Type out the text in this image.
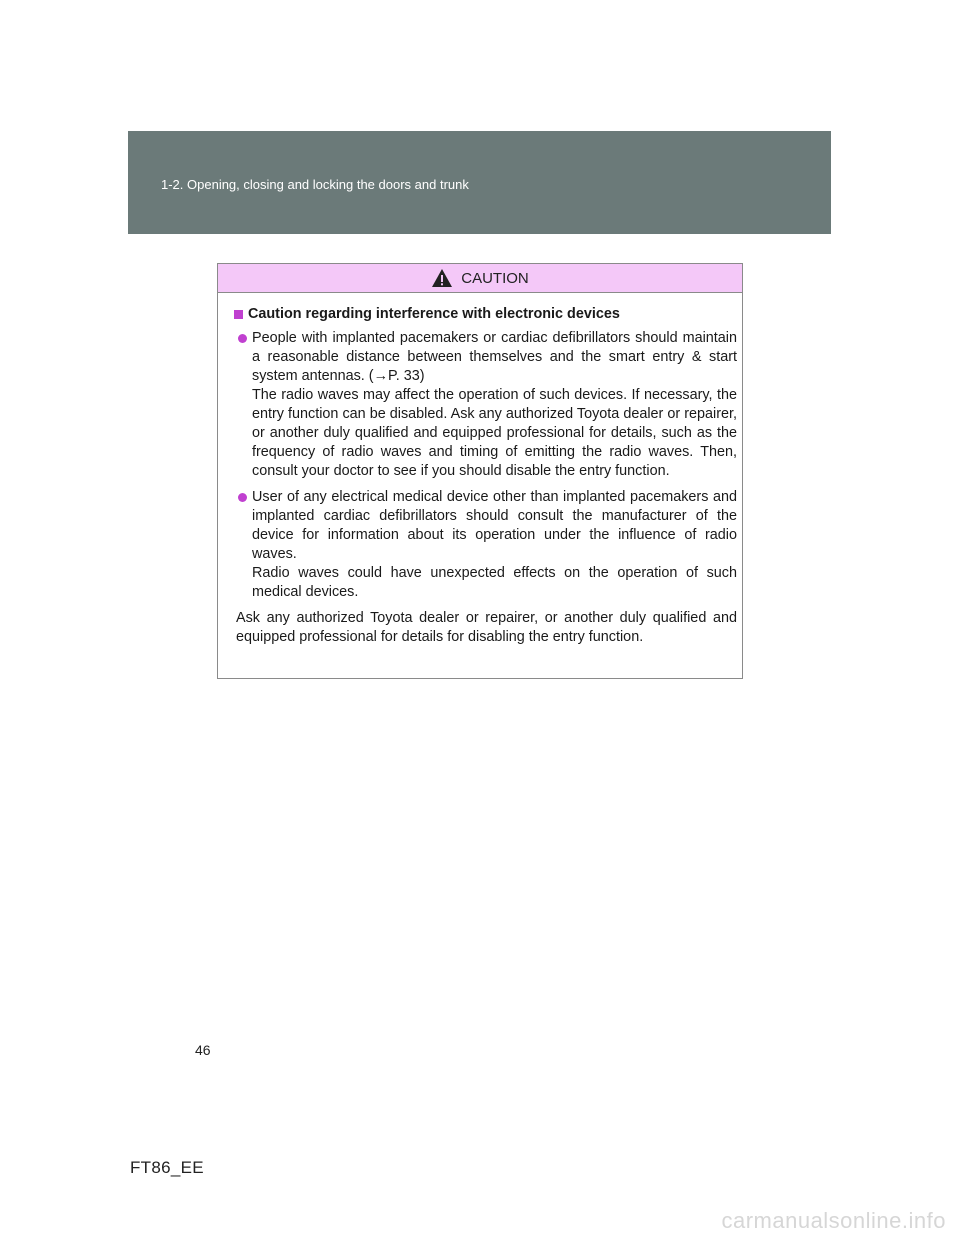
1-2. Opening, closing and locking the doors and trunk
CAUTION
Caution regarding interference with electronic devices
People with implanted pacemakers or cardiac defibrillators should maintain a reasonable distance between themselves and the smart entry & start system antennas. (→P. 33)
The radio waves may affect the operation of such devices. If necessary, the entry function can be disabled. Ask any authorized Toyota dealer or repairer, or another duly qualified and equipped professional for details, such as the frequency of radio waves and timing of emitting the radio waves. Then, consult your doctor to see if you should disable the entry function.
User of any electrical medical device other than implanted pacemakers and implanted cardiac defibrillators should consult the manufacturer of the device for information about its operation under the influence of radio waves.
Radio waves could have unexpected effects on the operation of such medical devices.
Ask any authorized Toyota dealer or repairer, or another duly qualified and equipped professional for details for disabling the entry function.
46
FT86_EE
carmanualsonline.info
